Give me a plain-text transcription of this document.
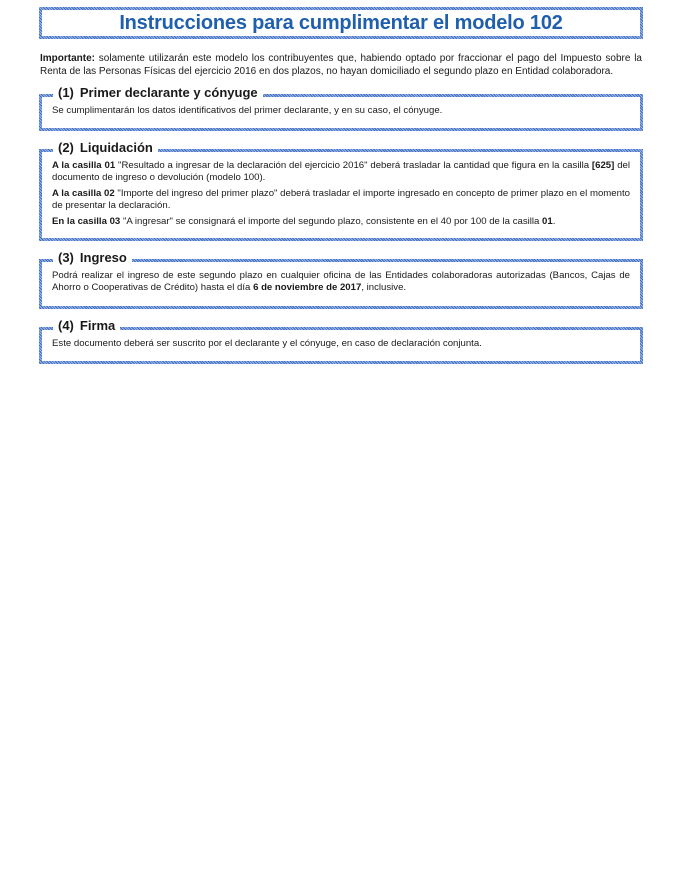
Instrucciones para cumplimentar el modelo 102
Importante: solamente utilizarán este modelo los contribuyentes que, habiendo optado por fraccionar el pago del Impuesto sobre la Renta de las Personas Físicas del ejercicio 2016 en dos plazos, no hayan domiciliado el segundo plazo en Entidad colaboradora.

Se cumplimentarán los datos identificativos del primer declarante, y en su caso, el cónyuge.

(1) Primer declarante y cónyuge

A la casilla 01 "Resultado a ingresar de la declaración del ejercicio 2016" deberá trasladar la cantidad que figura en la casilla [625] del documento de ingreso o devolución (modelo 100).

A la casilla 02 "Importe del ingreso del primer plazo" deberá trasladar el importe ingresado en concepto de primer plazo en el momento de presentar la declaración.

En la casilla 03 "A ingresar" se consignará el importe del segundo plazo, consistente en el 40 por 100 de la casilla 01.

(2) Liquidación

Podrá realizar el ingreso de este segundo plazo en cualquier oficina de las Entidades colaboradoras autorizadas (Bancos, Cajas de Ahorro o Cooperativas de Crédito) hasta el día 6 de noviembre de 2017, inclusive.

(3) Ingreso

Este documento deberá ser suscrito por el declarante y el cónyuge, en caso de declaración conjunta.

(4) Firma
